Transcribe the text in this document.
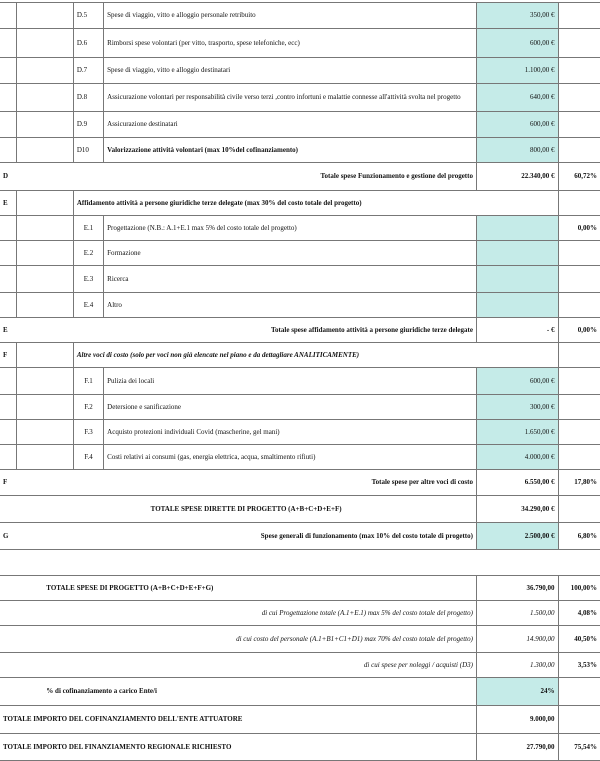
		D.5	Spese di viaggio, vitto e alloggio personale retribuito	350,00 €	
		D.6	Rimborsi spese volontari (per vitto, trasporto, spese telefoniche, ecc)	600,00 €	
		D.7	Spese di viaggio, vitto e alloggio destinatari	1.100,00 €	
		D.8	Assicurazione volontari per responsabilità civile verso terzi ,contro infortuni e malattie connesse all'attività svolta nel progetto	640,00 €	
		D.9	Assicurazione destinatari	600,00 €	
		D10	Valorizzazione attività volontari (max 10%del cofinanziamento)	800,00 €	
D			Totale spese Funzionamento e gestione del progetto	22.340,00 €	60,72%
E		Affidamento attività a persone giuridiche terze delegate (max 30% del costo totale del progetto)			
		E.1	Progettazione (N.B.: A.1+E.1 max 5% del costo totale del progetto)		0,00%
		E.2	Formazione		
		E.3	Ricerca		
		E.4	Altro		
E			Totale spese affidamento attività a persone giuridiche terze delegate	- €	0,00%
F		Altre voci di costo (solo per voci non già elencate nel piano e da dettagliare ANALITICAMENTE)			
		F.1	Pulizia dei locali	600,00 €	
		F.2	Detersione e sanificazione	300,00 €	
		F.3	Acquisto protezioni individuali Covid (mascherine, gel mani)	1.650,00 €	
		F.4	Costi relativi ai consumi (gas, energia elettrica, acqua, smaltimento rifiuti)	4.000,00 €	
F			Totale spese per altre voci di costo	6.550,00 €	17,80%
	TOTALE SPESE DIRETTE DI PROGETTO (A+B+C+D+E+F)			34.290,00 €	
G			Spese generali di funzionamento (max 10% del costo totale di progetto)	2.500,00 €	6,80%

	TOTALE SPESE DI PROGETTO (A+B+C+D+E+F+G)			36.790,00	100,00%
	di cui Progettazione totale (A.1+E.1) max 5% del costo totale del progetto)			1.500,00	4,08%
	di cui costo del personale (A.1+B1+C1+D1) max 70% del costo totale del progetto)			14.900,00	40,50%
	di cui spese per noleggi / acquisti (D3)			1.300,00	3,53%
	% di cofinanziamento a carico Ente/i			24%	
TOTALE IMPORTO DEL COFINANZIAMENTO DELL'ENTE ATTUATORE				9.000,00	
TOTALE IMPORTO DEL FINANZIAMENTO REGIONALE RICHIESTO				27.790,00	75,54%
